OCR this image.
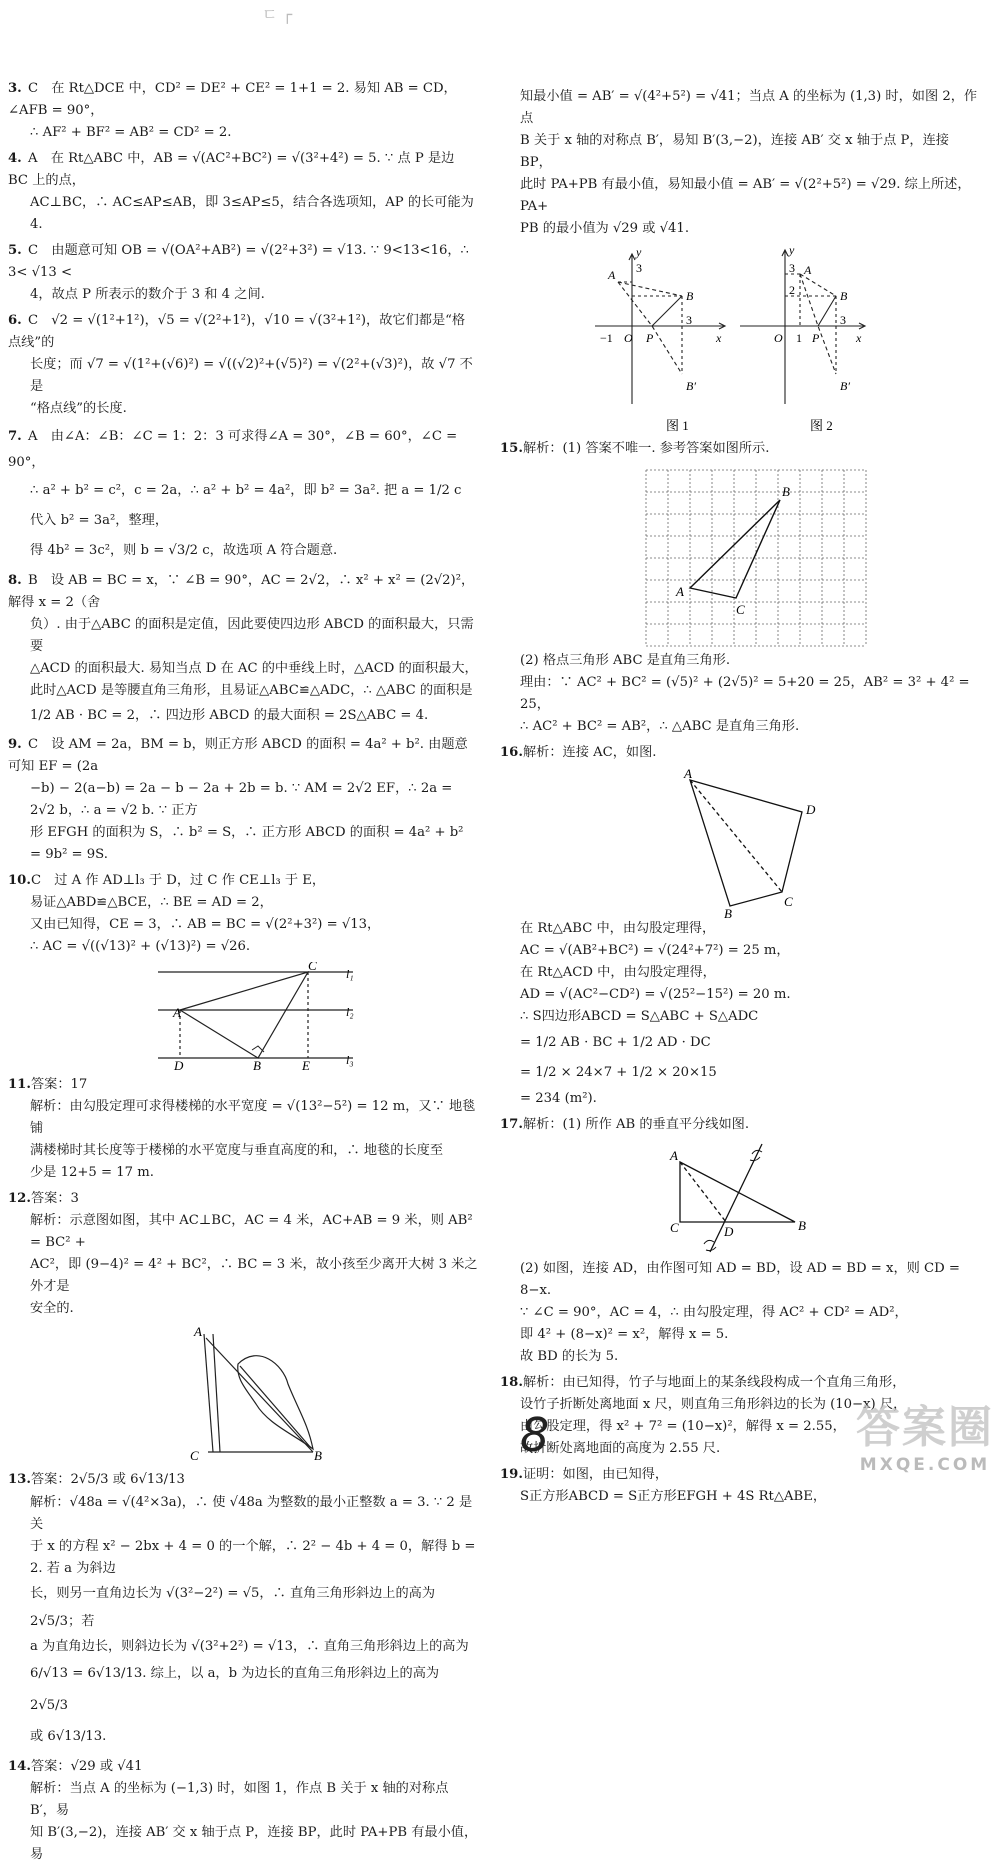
ㄷ ┌
3. C　在 Rt△DCE 中，CD² = DE² + CE² = 1+1 = 2. 易知 AB = CD，∠AFB = 90°，
∴ AF² + BF² = AB² = CD² = 2.
4. A　在 Rt△ABC 中，AB = √(AC²+BC²) = √(3²+4²) = 5. ∵ 点 P 是边 BC 上的点，
AC⊥BC，∴ AC≤AP≤AB，即 3≤AP≤5，结合各选项知，AP 的长可能为 4.
5. C　由题意可知 OB = √(OA²+AB²) = √(2²+3²) = √13. ∵ 9<13<16，∴ 3< √13 <
4，故点 P 所表示的数介于 3 和 4 之间.
6. C　√2 = √(1²+1²)，√5 = √(2²+1²)，√10 = √(3²+1²)，故它们都是“格点线”的
长度；而 √7 = √(1²+(√6)²) = √((√2)²+(√5)²) = √(2²+(√3)²)，故 √7 不是
“格点线”的长度.
7. A　由∠A：∠B：∠C = 1：2：3 可求得∠A = 30°，∠B = 60°，∠C = 90°，
∴ a² + b² = c²，c = 2a，∴ a² + b² = 4a²，即 b² = 3a². 把 a = 1/2 c 代入 b² = 3a²，整理，
得 4b² = 3c²，则 b = √3/2 c，故选项 A 符合题意.
8. B　设 AB = BC = x，∵ ∠B = 90°，AC = 2√2，∴ x² + x² = (2√2)²，解得 x = 2（舍
负）. 由于△ABC 的面积是定值，因此要使四边形 ABCD 的面积最大，只需要
△ACD 的面积最大. 易知当点 D 在 AC 的中垂线上时，△ACD 的面积最大，
此时△ACD 是等腰直角三角形，且易证△ABC≌△ADC，∴ △ABC 的面积是
1/2 AB · BC = 2，∴ 四边形 ABCD 的最大面积 = 2S△ABC = 4.
9. C　设 AM = 2a，BM = b，则正方形 ABCD 的面积 = 4a² + b². 由题意可知 EF = (2a
−b) − 2(a−b) = 2a − b − 2a + 2b = b. ∵ AM = 2√2 EF，∴ 2a = 2√2 b，∴ a = √2 b. ∵ 正方
形 EFGH 的面积为 S，∴ b² = S，∴ 正方形 ABCD 的面积 = 4a² + b² = 9b² = 9S.
10.C　过 A 作 AD⊥l₃ 于 D，过 C 作 CE⊥l₃ 于 E，
易证△ABD≌△BCE，∴ BE = AD = 2，
又由已知得，CE = 3，∴ AB = BC = √(2²+3²) = √13，
∴ AC = √((√13)² + (√13)²) = √26.
A
B
C
D	E
l₁
l₂
l₃
11.答案：17
解析：由勾股定理可求得楼梯的水平宽度 = √(13²−5²) = 12 m，又∵ 地毯铺
满楼梯时其长度等于楼梯的水平宽度与垂直高度的和，∴ 地毯的长度至
少是 12+5 = 17 m.
12.答案：3
解析：示意图如图，其中 AC⊥BC，AC = 4 米，AC+AB = 9 米，则 AB² = BC² +
AC²，即 (9−4)² = 4² + BC²，∴ BC = 3 米，故小孩至少离开大树 3 米之外才是
安全的.
A
C	B
13.答案：2√5/3 或 6√13/13
解析：√48a = √(4²×3a)，∴ 使 √48a 为整数的最小正整数 a = 3. ∵ 2 是关
于 x 的方程 x² − 2bx + 4 = 0 的一个解，∴ 2² − 4b + 4 = 0，解得 b = 2. 若 a 为斜边
长，则另一直角边长为 √(3²−2²) = √5，∴ 直角三角形斜边上的高为 2√5/3；若
a 为直角边长，则斜边长为 √(3²+2²) = √13，∴ 直角三角形斜边上的高为
6/√13 = 6√13/13. 综上，以 a，b 为边长的直角三角形斜边上的高为 2√5/3
或 6√13/13.
14.答案：√29 或 √41
解析：当点 A 的坐标为 (−1,3) 时，如图 1，作点 B 关于 x 轴的对称点 B′，易
知 B′(3,−2)，连接 AB′ 交 x 轴于点 P，连接 BP，此时 PA+PB 有最小值，易
知最小值 = AB′ = √(4²+5²) = √41；当点 A 的坐标为 (1,3) 时，如图 2，作点
B 关于 x 轴的对称点 B′，易知 B′(3,−2)，连接 AB′ 交 x 轴于点 P，连接 BP，
此时 PA+PB 有最小值，易知最小值 = AB′ = √(2²+5²) = √29. 综上所述，PA+
PB 的最小值为 √29 或 √41.
A
B
B′
P
O
−1
3
3
x
y
图 1
A
B
B′
P
O 1
3
2
3
x
y
图 2
15.解析：(1) 答案不唯一. 参考答案如图所示.
A
B
C
(2) 格点三角形 ABC 是直角三角形.
理由：∵ AC² + BC² = (√5)² + (2√5)² = 5+20 = 25，AB² = 3² + 4² = 25，
∴ AC² + BC² = AB²，∴ △ABC 是直角三角形.
16.解析：连接 AC，如图.
A
D
C
B
在 Rt△ABC 中，由勾股定理得，
AC = √(AB²+BC²) = √(24²+7²) = 25 m，
在 Rt△ACD 中，由勾股定理得，
AD = √(AC²−CD²) = √(25²−15²) = 20 m.
∴ S四边形ABCD = S△ABC + S△ADC
= 1/2 AB · BC + 1/2 AD · DC
= 1/2 × 24×7 + 1/2 × 20×15
= 234 (m²).
17.解析：(1) 所作 AB 的垂直平分线如图.
A
C	D	B
(2) 如图，连接 AD，由作图可知 AD = BD，设 AD = BD = x，则 CD = 8−x.
∵ ∠C = 90°，AC = 4，∴ 由勾股定理，得 AC² + CD² = AD²，
即 4² + (8−x)² = x²，解得 x = 5.
故 BD 的长为 5.
18.解析：由已知得，竹子与地面上的某条线段构成一个直角三角形，
设竹子折断处离地面 x 尺，则直角三角形斜边的长为 (10−x) 尺，
由勾股定理，得 x² + 7² = (10−x)²，解得 x = 2.55，
故折断处离地面的高度为 2.55 尺.
19.证明：如图，由已知得，
S正方形ABCD = S正方形EFGH + 4S Rt△ABE，
8	答案圈
MXQE.COM
